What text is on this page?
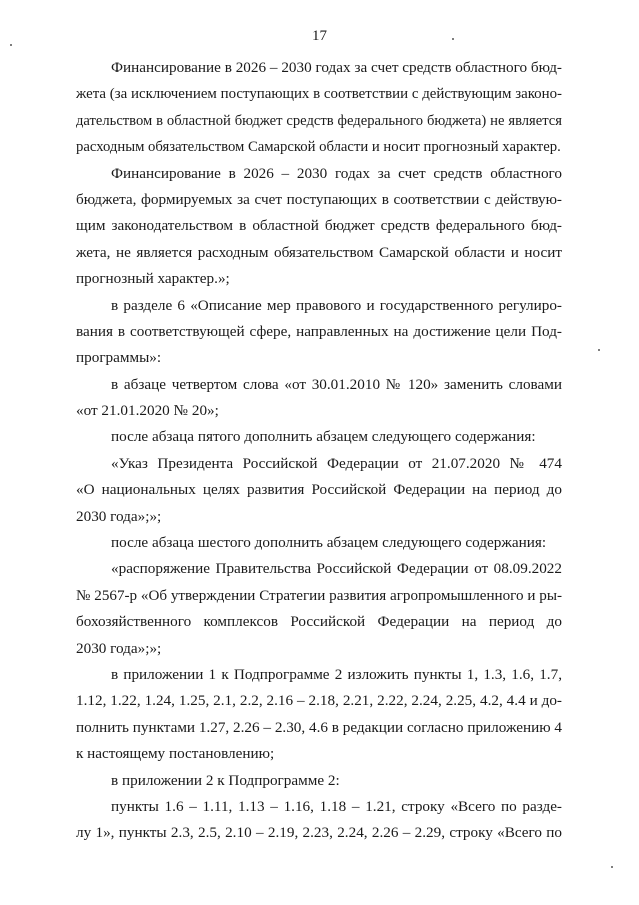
17
Финансирование в 2026 – 2030 годах за счет средств областного бюд-
жета (за исключением поступающих в соответствии с действующим законо-
дательством в областной бюджет средств федерального бюджета) не является
расходным обязательством Самарской области и носит прогнозный характер.
Финансирование в 2026 – 2030 годах за счет средств областного
бюджета, формируемых за счет поступающих в соответствии с действую-
щим законодательством в областной бюджет средств федерального бюд-
жета, не является расходным обязательством Самарской области и носит
прогнозный характер.»;
в разделе 6 «Описание мер правового и государственного регулиро-
вания в соответствующей сфере, направленных на достижение цели Под-
программы»:
в абзаце четвертом слова «от 30.01.2010 № 120» заменить словами
«от 21.01.2020 № 20»;
после абзаца пятого дополнить абзацем следующего содержания:
«Указ Президента Российской Федерации от 21.07.2020 № 474
«О национальных целях развития Российской Федерации на период до
2030 года»;»;
после абзаца шестого дополнить абзацем следующего содержания:
«распоряжение Правительства Российской Федерации от 08.09.2022
№ 2567-р «Об утверждении Стратегии развития агропромышленного и ры-
бохозяйственного комплексов Российской Федерации на период до
2030 года»;»;
в приложении 1 к Подпрограмме 2 изложить пункты 1, 1.3, 1.6, 1.7,
1.12, 1.22, 1.24, 1.25, 2.1, 2.2, 2.16 – 2.18, 2.21, 2.22, 2.24, 2.25, 4.2, 4.4 и до-
полнить пунктами 1.27, 2.26 – 2.30, 4.6 в редакции согласно приложению 4
к настоящему постановлению;
в приложении 2 к Подпрограмме 2:
пункты 1.6 – 1.11, 1.13 – 1.16, 1.18 – 1.21, строку «Всего по разде-
лу 1», пункты 2.3, 2.5, 2.10 – 2.19, 2.23, 2.24, 2.26 – 2.29, строку «Всего по
